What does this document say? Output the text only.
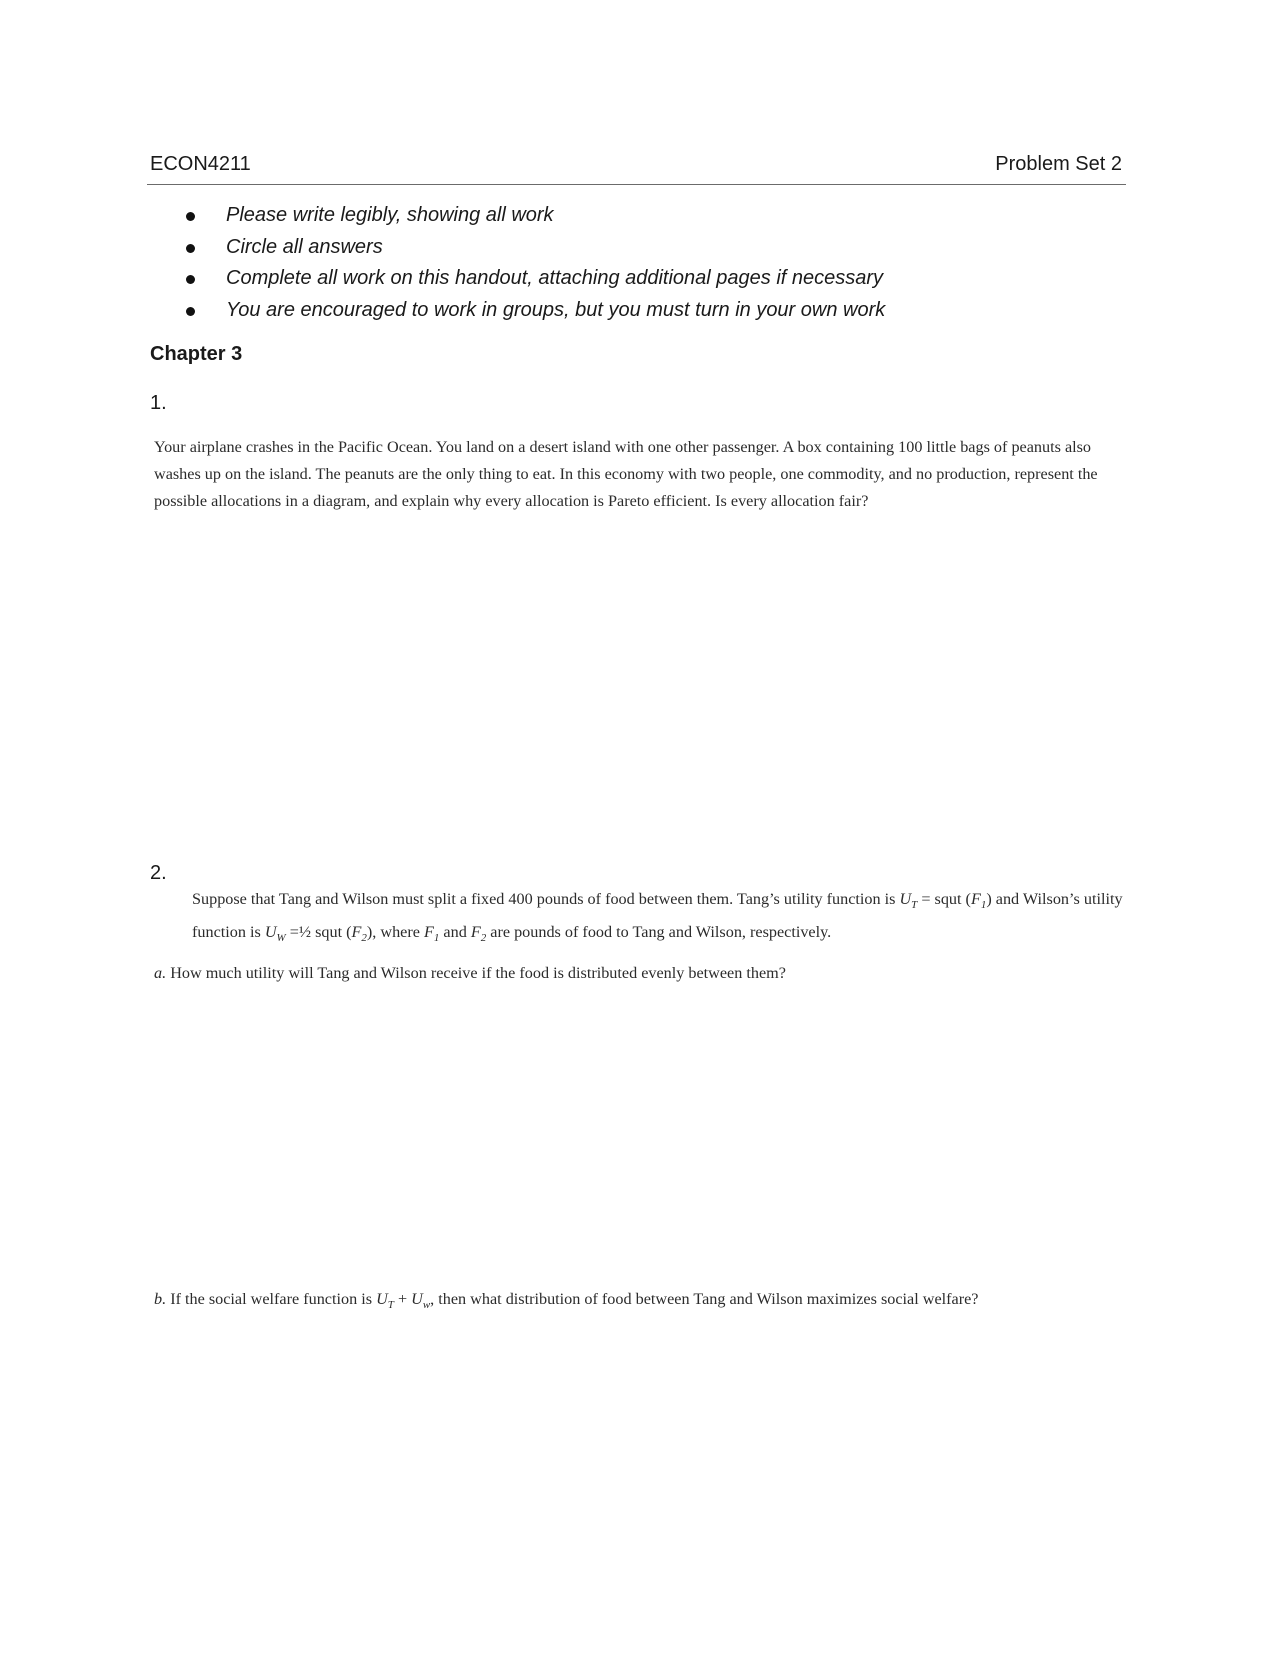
ECON4211	Problem Set 2
Please write legibly, showing all work
Circle all answers
Complete all work on this handout, attaching additional pages if necessary
You are encouraged to work in groups, but you must turn in your own work
Chapter 3
1.
Your airplane crashes in the Pacific Ocean. You land on a desert island with one other passenger. A box containing 100 little bags of peanuts also washes up on the island. The peanuts are the only thing to eat. In this economy with two people, one commodity, and no production, represent the possible allocations in a diagram, and explain why every allocation is Pareto efficient. Is every allocation fair?
2.
Suppose that Tang and Wilson must split a fixed 400 pounds of food between them. Tang’s utility function is $U_T$ = squt $(F_1)$ and Wilson’s utility function is $U_W$ =½ squt $(F_2)$, where $F_1$ and $F_2$ are pounds of food to Tang and Wilson, respectively.
a. How much utility will Tang and Wilson receive if the food is distributed evenly between them?
b. If the social welfare function is $U_T + U_w$, then what distribution of food between Tang and Wilson maximizes social welfare?
